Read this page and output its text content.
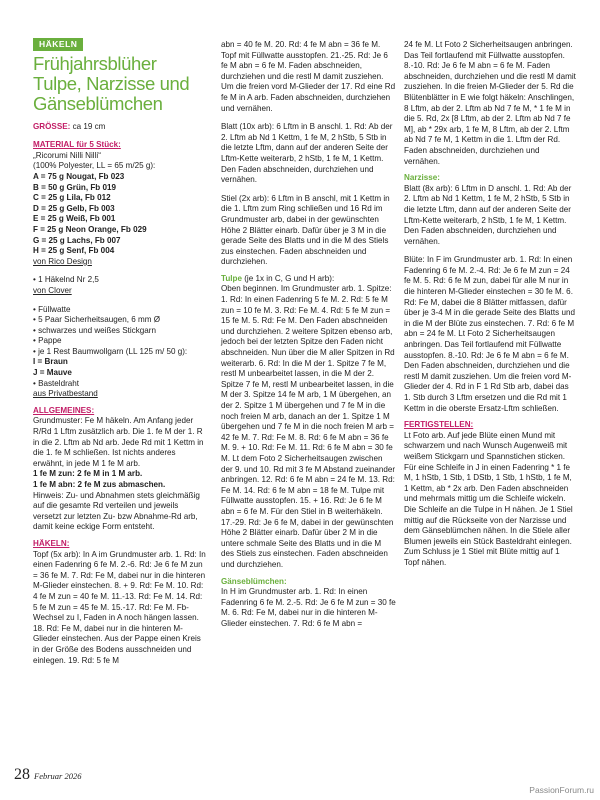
HÄKELN
Frühjahrsblüher
Tulpe, Narzisse und
Gänseblümchen
GRÖSSE: ca 19 cm
MATERIAL für 5 Stück:
„Ricorumi Nilli Nilli“
(100% Polyester, LL = 65 m/25 g):
A = 75 g Nougat, Fb 023
B = 50 g Grün, Fb 019
C = 25 g Lila, Fb 012
D = 25 g Gelb, Fb 003
E = 25 g Weiß, Fb 001
F = 25 g Neon Orange, Fb 029
G = 25 g Lachs, Fb 007
H = 25 g Senf, Fb 004
von Rico Design
• 1 Häkelnd Nr 2,5
von Clover
• Füllwatte
• 5 Paar Sicherheitsaugen, 6 mm Ø
• schwarzes und weißes Stickgarn
• Pappe
• je 1 Rest Baumwollgarn (LL 125 m/ 50 g):
I = Braun
J = Mauve
• Basteldraht
aus Privatbestand
ALLGEMEINES:

Grundmuster: Fe M häkeln. Am Anfang jeder R/Rd 1 Lftm zusätzlich arb. Die 1. fe M der 1. R in die 2. Lftm ab Nd arb. Jede Rd mit 1 Kettm in die 1. fe M schließen. Ist nichts anderes erwähnt, in jede M 1 fe M arb.

1 fe M zun: 2 fe M in 1 M arb.

1 fe M abn: 2 fe M zus abmaschen.

Hinweis: Zu- und Abnahmen stets gleichmäßig auf die gesamte Rd verteilen und jeweils versetzt zur letzten Zu- bzw Abnahme-Rd arb, damit keine eckige Form entsteht.

HÄKELN:

Topf (5x arb): In A im Grundmuster arb. 1. Rd: In einen Fadenring 6 fe M. 2.-6. Rd: Je 6 fe M zun = 36 fe M. 7. Rd: Fe M, dabei nur in die hinteren M-Glieder einstechen. 8. + 9. Rd: Fe M. 10. Rd: 4 fe M zun = 40 fe M. 11.-13. Rd: Fe M. 14. Rd: 5 fe M zun = 45 fe M. 15.-17. Rd: Fe M. Fb-Wechsel zu I, Faden in A noch hängen lassen. 18. Rd: Fe M, dabei nur in die hinteren M-Glieder einstechen. Aus der Pappe einen Kreis in der Größe des Bodens ausschneiden und einlegen. 19. Rd: 5 fe M

abn = 40 fe M. 20. Rd: 4 fe M abn = 36 fe M. Topf mit Füllwatte ausstopfen. 21.-25. Rd: Je 6 fe M abn = 6 fe M. Faden abschneiden, durchziehen und die restl M damit zusziehen. Um die freien vord M-Glieder der 17. Rd eine Rd fe M in A arb. Faden abschneiden, durchziehen und vernähen.

Blatt (10x arb): 6 Lftm in B anschl. 1. Rd: Ab der 2. Lftm ab Nd 1 Kettm, 1 fe M, 2 hStb, 5 Stb in die letzte Lftm, dann auf der anderen Seite der Lftm-Kette weiterarb, 2 hStb, 1 fe M, 1 Kettm. Den Faden abschneiden, durchziehen und vernähen.

Stiel (2x arb): 6 Lftm in B anschl, mit 1 Kettm in die 1. Lftm zum Ring schließen und 16 Rd im Grundmuster arb, dabei in der gewünschten Höhe 2 Blätter einarb. Dafür über je 3 M in die gerade Seite des Blatts und in die M des Stiels zus einstechen. Faden abschneiden und durchziehen.

Tulpe (je 1x in C, G und H arb):

Oben beginnen. Im Grundmuster arb. 1. Spitze: 1. Rd: In einen Fadenring 5 fe M. 2. Rd: 5 fe M zun = 10 fe M. 3. Rd: Fe M. 4. Rd: 5 fe M zun = 15 fe M. 5. Rd: Fe M. Den Faden abschneiden und durchziehen. 2 weitere Spitzen ebenso arb, jedoch bei der letzten Spitze den Faden nicht abschneiden. Nun über die M aller Spitzen in Rd weiterarb. 6. Rd: In die M der 1. Spitze 7 fe M, restl M unbearbeitet lassen, in die M der 2. Spitze 7 fe M, restl M unbearbeitet lassen, in die M der 3. Spitze 14 fe M arb, 1 M übergehen, an der 2. Spitze 1 M übergehen und 7 fe M in die noch freien M arb, danach an der 1. Spitze 1 M übergehen und 7 fe M in die noch freien M arb = 42 fe M. 7. Rd: Fe M. 8. Rd: 6 fe M abn = 36 fe M. 9. + 10. Rd: Fe M. 11. Rd: 6 fe M abn = 30 fe M. Lt dem Foto 2 Sicherheitsaugen zwischen der 9. und 10. Rd mit 3 fe M Abstand zueinander anbringen. 12. Rd: 6 fe M abn = 24 fe M. 13. Rd: Fe M. 14. Rd: 6 fe M abn = 18 fe M. Tulpe mit Füllwatte ausstopfen. 15. + 16. Rd: Je 6 fe M abn = 6 fe M. Für den Stiel in B weiterhäkeln. 17.-29. Rd: Je 6 fe M, dabei in der gewünschten Höhe 2 Blätter einarb. Dafür über 2 M in die untere schmale Seite des Blatts und in die M des Stiels zus einstechen. Faden abschneiden und durchziehen.

Gänseblümchen:

In H im Grundmuster arb. 1. Rd: In einen Fadenring 6 fe M. 2.-5. Rd: Je 6 fe M zun = 30 fe M. 6. Rd: Fe M, dabei nur in die hinteren M-Glieder einstechen. 7. Rd: 6 fe M abn =

24 fe M. Lt Foto 2 Sicherheitsaugen anbringen. Das Teil fortlaufend mit Füllwatte ausstopfen. 8.-10. Rd: Je 6 fe M abn = 6 fe M. Faden abschneiden, durchziehen und die restl M damit zusziehen. In die freien M-Glieder der 5. Rd die Blütenblätter in E wie folgt häkeln: Anschlingen, 8 Lftm, ab der 2. Lftm ab Nd 7 fe M, * 1 fe M in die 5. Rd, 2x [8 Lftm, ab der 2. Lftm ab Nd 7 fe M], ab * 29x arb, 1 fe M, 8 Lftm, ab der 2. Lftm ab Nd 7 fe M, 1 Kettm in die 1. Lftm der Rd. Faden abschneiden, durchziehen und vernähen.

Narzisse:

Blatt (8x arb): 6 Lftm in D anschl. 1. Rd: Ab der 2. Lftm ab Nd 1 Kettm, 1 fe M, 2 hStb, 5 Stb in die letzte Lftm, dann auf der anderen Seite der Lftm-Kette weiterarb, 2 hStb, 1 fe M, 1 Kettm. Den Faden abschneiden, durchziehen und vernähen.

Blüte: In F im Grundmuster arb. 1. Rd: In einen Fadenring 6 fe M. 2.-4. Rd: Je 6 fe M zun = 24 fe M. 5. Rd: 6 fe M zun, dabei für alle M nur in die hinteren M-Glieder einstechen = 30 fe M. 6. Rd: Fe M, dabei die 8 Blätter mitfassen, dafür über je 3-4 M in die gerade Seite des Blatts und in die M der Blüte zus einstechen. 7. Rd: 6 fe M abn = 24 fe M. Lt Foto 2 Sicherheitsaugen anbringen. Das Teil fortlaufend mit Füllwatte ausstopfen. 8.-10. Rd: Je 6 fe M abn = 6 fe M. Den Faden abschneiden, durchziehen und die restl M damit zusziehen. Um die freien vord M-Glieder der 4. Rd in F 1 Rd Stb arb, dabei das 1. Stb durch 3 Lftm ersetzen und die Rd mit 1 Kettm in die oberste Ersatz-Lftm schließen.

FERTIGSTELLEN:

Lt Foto arb. Auf jede Blüte einen Mund mit schwarzem und nach Wunsch Augenweiß mit weißem Stickgarn und Spannstichen sticken. Für eine Schleife in J in einen Fadenring * 1 fe M, 1 hStb, 1 Stb, 1 DStb, 1 Stb, 1 hStb, 1 fe M, 1 Kettm, ab * 2x arb. Den Faden abschneiden und mehrmals mittig um die Schleife wickeln. Die Schleife an die Tulpe in H nähen. Je 1 Stiel mittig auf die Rückseite von der Narzisse und dem Gänseblümchen nähen. In die Stiele aller Blumen jeweils ein Stück Basteldraht einlegen. Zum Schluss je 1 Stiel mit Blüte mittig auf 1 Topf nähen.

28 Februar 2026
PassionForum.ru
